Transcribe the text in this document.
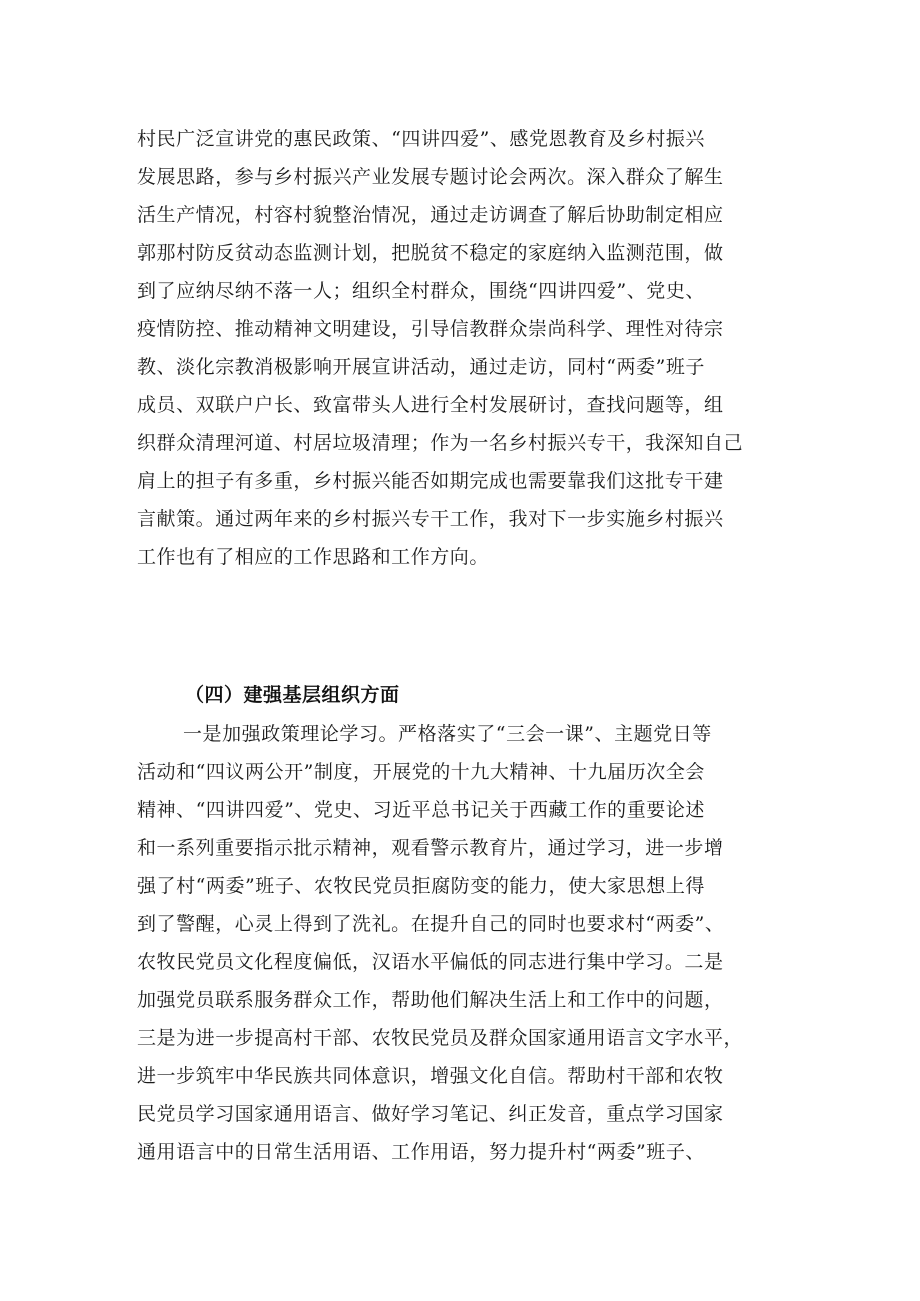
村民广泛宣讲党的惠民政策、“四讲四爱”、感党恩教育及乡村振兴
发展思路，参与乡村振兴产业发展专题讨论会两次。深入群众了解生
活生产情况，村容村貌整治情况，通过走访调查了解后协助制定相应
郭那村防反贫动态监测计划，把脱贫不稳定的家庭纳入监测范围，做
到了应纳尽纳不落一人；组织全村群众，围绕“四讲四爱”、党史、
疫情防控、推动精神文明建设，引导信教群众崇尚科学、理性对待宗
教、淡化宗教消极影响开展宣讲活动，通过走访，同村“两委”班子
成员、双联户户长、致富带头人进行全村发展研讨，查找问题等，组
织群众清理河道、村居垃圾清理；作为一名乡村振兴专干，我深知自己
肩上的担子有多重，乡村振兴能否如期完成也需要靠我们这批专干建
言献策。通过两年来的乡村振兴专干工作，我对下一步实施乡村振兴
工作也有了相应的工作思路和工作方向。
（四）建强基层组织方面
一是加强政策理论学习。严格落实了“三会一课”、主题党日等
活动和“四议两公开”制度，开展党的十九大精神、十九届历次全会
精神、“四讲四爱”、党史、习近平总书记关于西藏工作的重要论述
和一系列重要指示批示精神，观看警示教育片，通过学习，进一步增
强了村“两委”班子、农牧民党员拒腐防变的能力，使大家思想上得
到了警醒，心灵上得到了洗礼。在提升自己的同时也要求村“两委”、
农牧民党员文化程度偏低，汉语水平偏低的同志进行集中学习。二是
加强党员联系服务群众工作，帮助他们解决生活上和工作中的问题，
三是为进一步提高村干部、农牧民党员及群众国家通用语言文字水平，
进一步筑牢中华民族共同体意识，增强文化自信。帮助村干部和农牧
民党员学习国家通用语言、做好学习笔记、纠正发音，重点学习国家
通用语言中的日常生活用语、工作用语，努力提升村“两委”班子、
